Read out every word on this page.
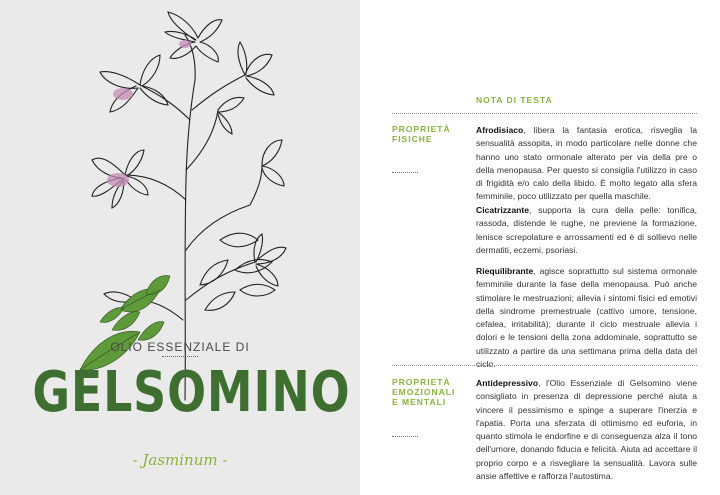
OLIO ESSENZIALE DI
GELSOMINO
- Jasminum -
NOTA DI TESTA
PROPRIETÀ
FISICHE
Afrodisiaco, libera la fantasia erotica, risveglia la sensualità assopita, in modo particolare nelle donne che hanno uno stato ormonale alterato per via della pre o della menopausa. Per questo si consiglia l'utilizzo in caso di frigidità e/o calo della libido. È molto legato alla sfera femminile, poco utilizzato per quella maschile.
Cicatrizzante, supporta la cura della pelle: tonifica, rassoda, distende le rughe, ne previene la formazione, lenisce screpolature e arrossamenti ed è di sollievo nelle dermatiti, eczemi, psoriasi.
Riequilibrante, agisce soprattutto sul sistema ormonale femminile durante la fase della menopausa. Può anche stimolare le mestruazioni; allevia i sintomi fisici ed emotivi della sindrome premestruale (cattivo umore, tensione, cefalea, irritabilità); durante il ciclo mestruale allevia i dolori e le tensioni della zona addominale, soprattutto se utilizzato a partire da una settimana prima della data del ciclo.
PROPRIETÀ
EMOZIONALI
E MENTALI
Antidepressivo, l'Olio Essenziale di Gelsomino viene consigliato in presenza di depressione perché aiuta a vincere il pessimismo e spinge a superare l'inerzia e l'apatia. Porta una sferzata di ottimismo ed euforia, in quanto stimola le endorfine e di conseguenza alza il tono dell'umore, donando fiducia e felicità. Aiuta ad accettare il proprio corpo e a risvegliare la sensualità. Lavora sulle ansie affettive e rafforza l'autostima.
